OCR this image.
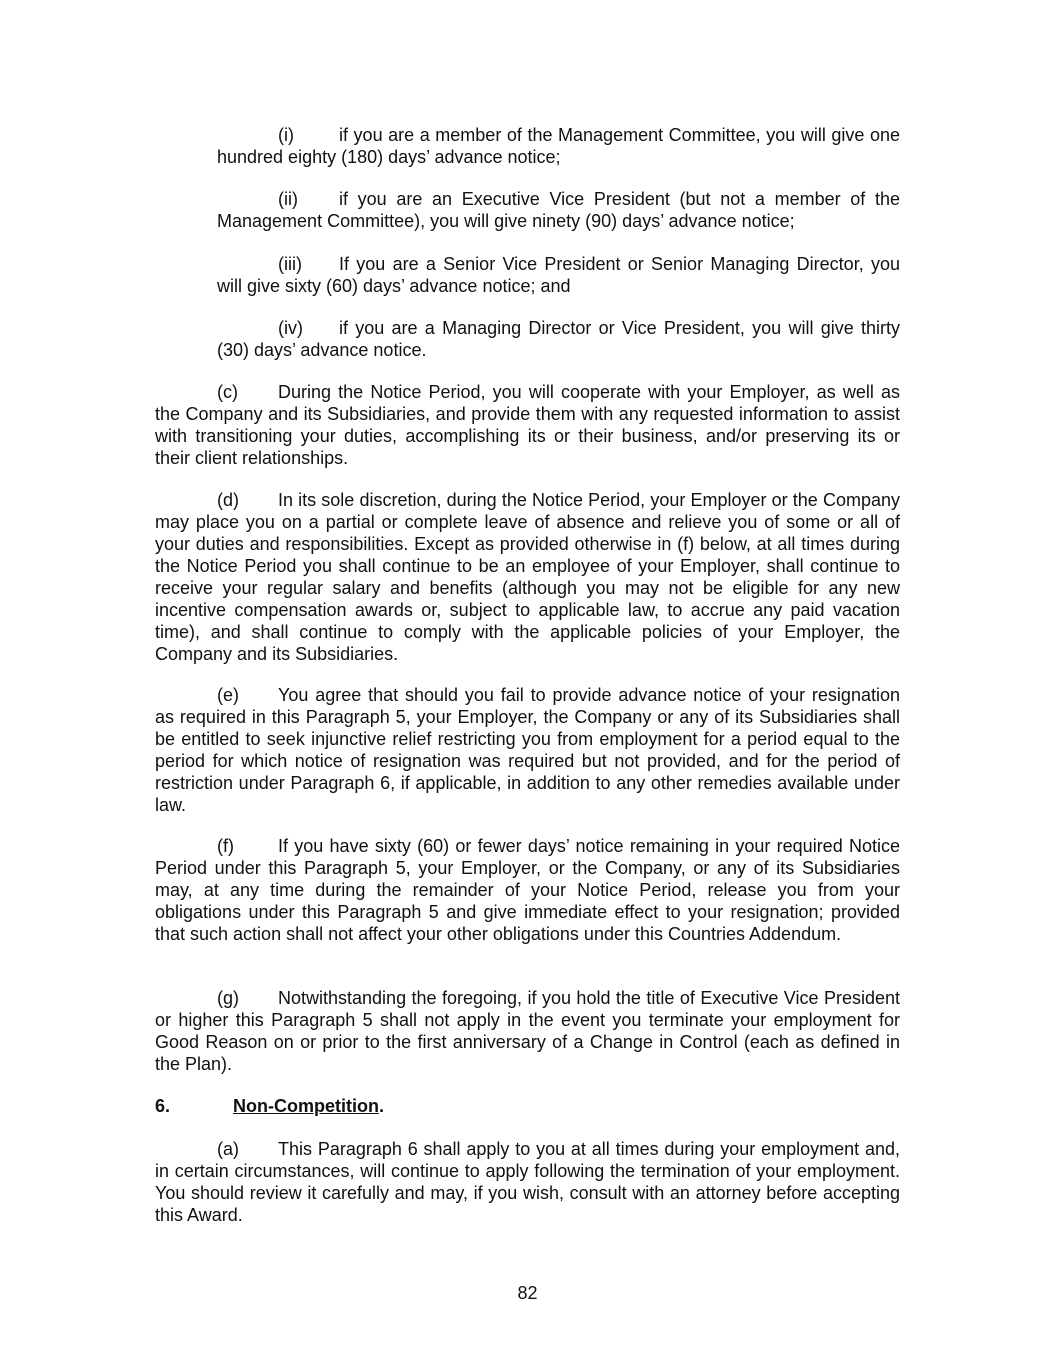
(i)	if you are a member of the Management Committee, you will give one hundred eighty (180) days’ advance notice;

(ii) if you are an Executive Vice President (but not a member of the Management Committee), you will give ninety (90) days’ advance notice;

(iii) If you are a Senior Vice President or Senior Managing Director, you will give sixty (60) days’ advance notice; and

(iv) if you are a Managing Director or Vice President, you will give thirty (30) days’ advance notice.

(c) During the Notice Period, you will cooperate with your Employer, as well as the Company and its Subsidiaries, and provide them with any requested information to assist with transitioning your duties, accomplishing its or their business, and/or preserving its or their client relationships.

(d) In its sole discretion, during the Notice Period, your Employer or the Company may place you on a partial or complete leave of absence and relieve you of some or all of your duties and responsibilities. Except as provided otherwise in (f) below, at all times during the Notice Period you shall continue to be an employee of your Employer, shall continue to receive your regular salary and benefits (although you may not be eligible for any new incentive compensation awards or, subject to applicable law, to accrue any paid vacation time), and shall continue to comply with the applicable policies of your Employer, the Company and its Subsidiaries.

(e) You agree that should you fail to provide advance notice of your resignation as required in this Paragraph 5, your Employer, the Company or any of its Subsidiaries shall be entitled to seek injunctive relief restricting you from employment for a period equal to the period for which notice of resignation was required but not provided, and for the period of restriction under Paragraph 6, if applicable, in addition to any other remedies available under law.

(f) If you have sixty (60) or fewer days’ notice remaining in your required Notice Period under this Paragraph 5, your Employer, or the Company, or any of its Subsidiaries may, at any time during the remainder of your Notice Period, release you from your obligations under this Paragraph 5 and give immediate effect to your resignation; provided that such action shall not affect your other obligations under this Countries Addendum.

(g) Notwithstanding the foregoing, if you hold the title of Executive Vice President or higher this Paragraph 5 shall not apply in the event you terminate your employment for Good Reason on or prior to the first anniversary of a Change in Control (each as defined in the Plan).

6.	Non-Competition.

(a) This Paragraph 6 shall apply to you at all times during your employment and, in certain circumstances, will continue to apply following the termination of your employment. You should review it carefully and may, if you wish, consult with an attorney before accepting this Award.

82
